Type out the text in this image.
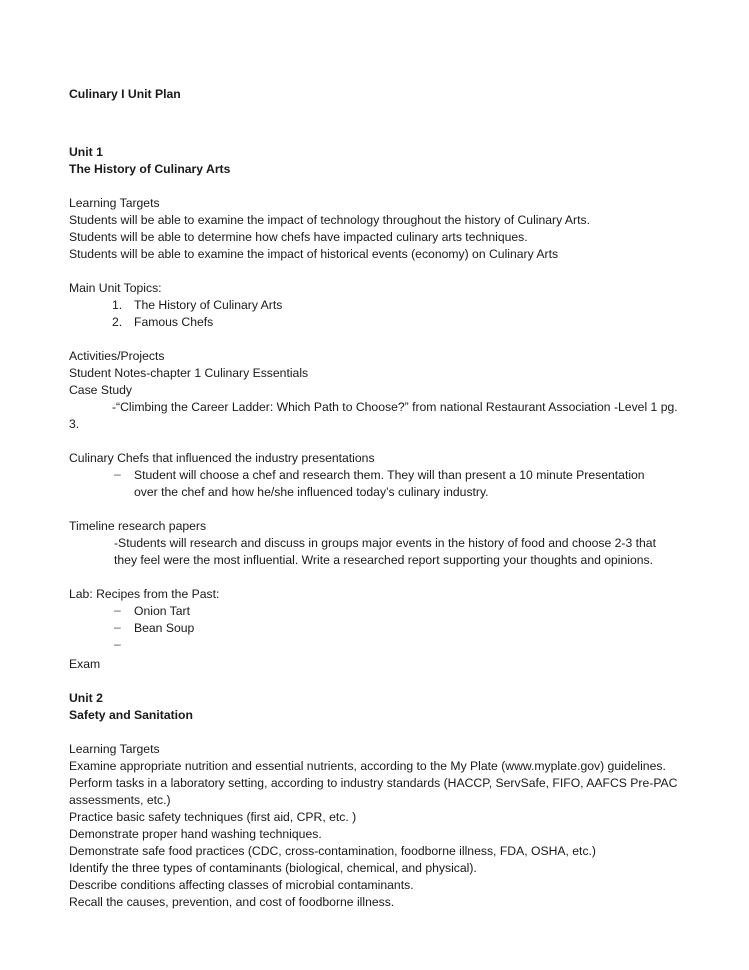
Culinary I Unit Plan
Unit 1
The History of Culinary Arts
Learning Targets
Students will be able to examine the impact of technology throughout the history of Culinary Arts.
Students will be able to determine how chefs have impacted culinary arts techniques.
Students will be able to examine the impact of historical events (economy) on Culinary Arts
Main Unit Topics:
1. The History of Culinary Arts
2. Famous Chefs
Activities/Projects
Student Notes-chapter 1 Culinary Essentials
Case Study
-“Climbing the Career Ladder: Which Path to Choose?” from national Restaurant Association -Level 1 pg.
3.
Culinary Chefs that influenced the industry presentations
– Student will choose a chef and research them. They will than present a 10 minute Presentation over the chef and how he/she influenced today’s culinary industry.
Timeline research papers
-Students will research and discuss in groups major events in the history of food and choose 2-3 that they feel were the most influential. Write a researched report supporting your thoughts and opinions.
Lab: Recipes from the Past:
– Onion Tart
– Bean Soup
–
Exam
Unit 2
Safety and Sanitation
Learning Targets
Examine appropriate nutrition and essential nutrients, according to the My Plate (www.myplate.gov) guidelines.
Perform tasks in a laboratory setting, according to industry standards (HACCP, ServSafe, FIFO, AAFCS Pre-PAC assessments, etc.)
Practice basic safety techniques (first aid, CPR, etc. )
Demonstrate proper hand washing techniques.
Demonstrate safe food practices (CDC, cross-contamination, foodborne illness, FDA, OSHA, etc.)
Identify the three types of contaminants (biological, chemical, and physical).
Describe conditions affecting classes of microbial contaminants.
Recall the causes, prevention, and cost of foodborne illness.
